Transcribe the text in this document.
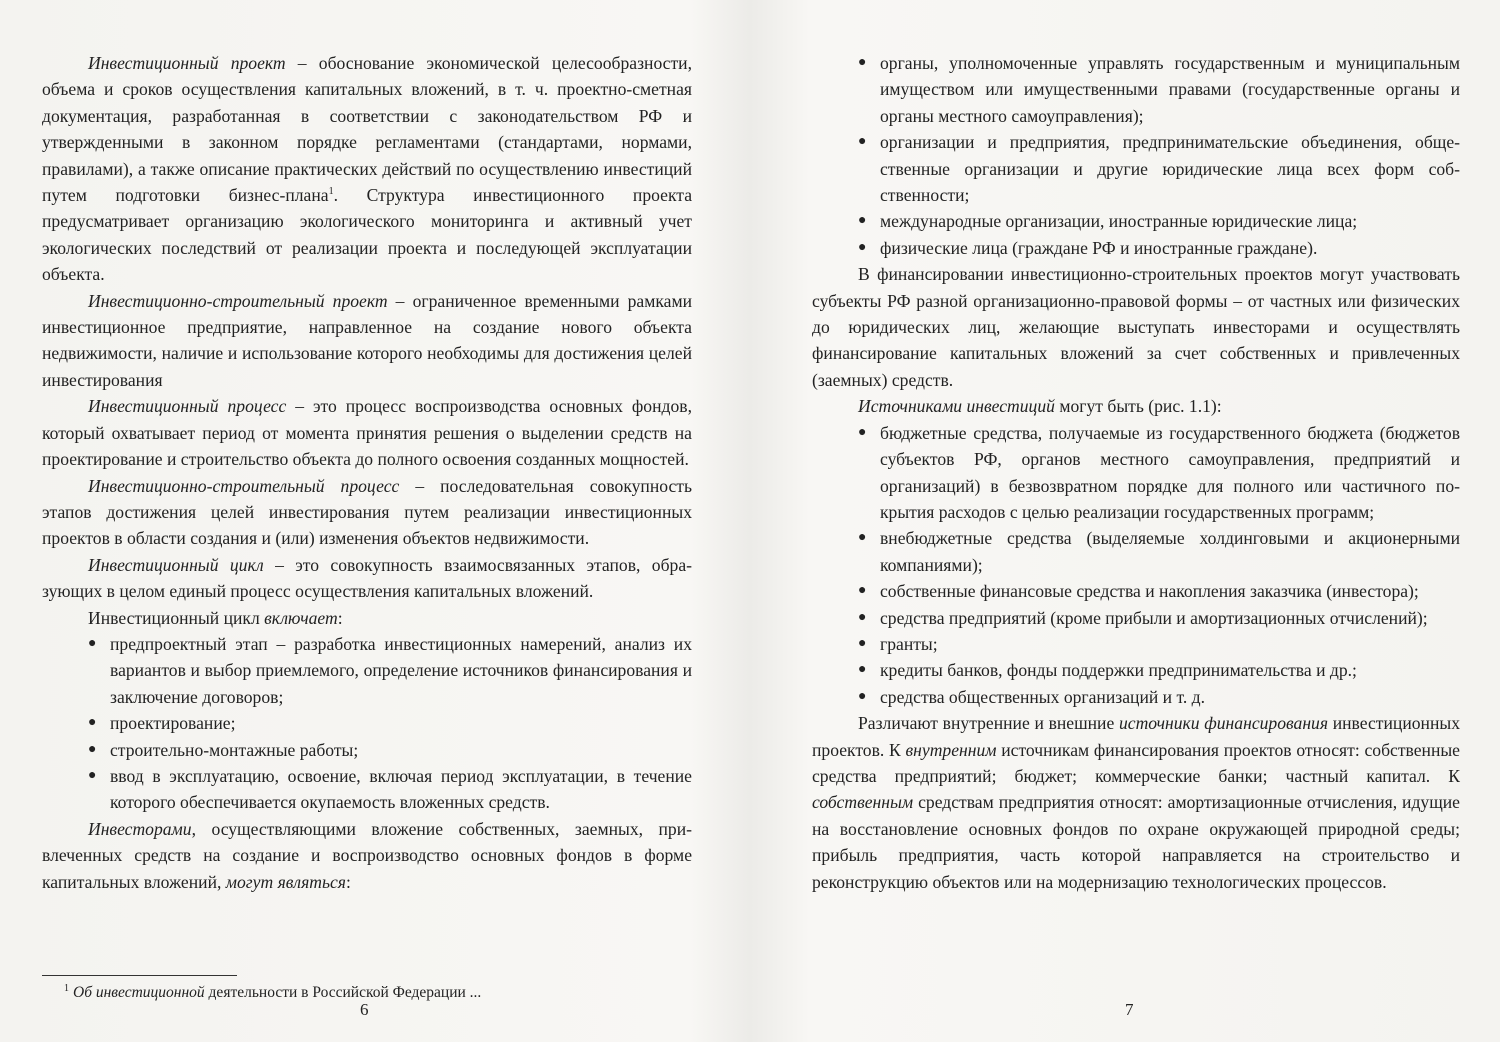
Инвестиционный проект – обоснование экономической целесообразности, объема и сроков осуществления капитальных вложений, в т. ч. проектно-сметная документация, разработанная в соответствии с законодательством РФ и утвержденными в законном порядке регламентами (стандартами, нормами, правилами), а также описание практических действий по осуществлению инвестиций путем подготовки бизнес-плана$^1$. Структура инвестиционного проекта предусматривает организацию экологического мониторинга и активный учет экологических последствий от реализации проекта и последующей эксплуатации объекта.

Инвестиционно-строительный проект – ограниченное временными рамками инвестиционное предприятие, направленное на создание нового объекта недвижимости, наличие и использование которого необходимы для достижения целей инвестирования

Инвестиционный процесс – это процесс воспроизводства основных фондов, который охватывает период от момента принятия решения о выделении средств на проектирование и строительство объекта до полного освоения созданных мощностей.

Инвестиционно-строительный процесс – последовательная совокупность этапов достижения целей инвестирования путем реализации инвестиционных проектов в области создания и (или) изменения объектов недвижимости.

Инвестиционный цикл – это совокупность взаимосвязанных этапов, образующих в целом единый процесс осуществления капитальных вложений.

Инвестиционный цикл включает:

● предпроектный этап – разработка инвестиционных намерений, анализ их вариантов и выбор приемлемого, определение источников финансирования и заключение договоров;
● проектирование;
● строительно-монтажные работы;
● ввод в эксплуатацию, освоение, включая период эксплуатации, в течение которого обеспечивается окупаемость вложенных средств.

Инвесторами, осуществляющими вложение собственных, заемных, привлеченных средств на создание и воспроизводство основных фондов в форме капитальных вложений, могут являться:

$^1$ Об инвестиционной деятельности в Российской Федерации ...
6
● органы, уполномоченные управлять государственным и муниципальным имуществом или имущественными правами (государственные органы и органы местного самоуправления);
● организации и предприятия, предпринимательские объединения, общественные организации и другие юридические лица всех форм собственности;
● международные организации, иностранные юридические лица;
● физические лица (граждане РФ и иностранные граждане).

В финансировании инвестиционно-строительных проектов могут участвовать субъекты РФ разной организационно-правовой формы – от частных или физических до юридических лиц, желающие выступать инвесторами и осуществлять финансирование капитальных вложений за счет собственных и привлеченных (заемных) средств.

Источниками инвестиций могут быть (рис. 1.1):

● бюджетные средства, получаемые из государственного бюджета (бюджетов субъектов РФ, органов местного самоуправления, предприятий и организаций) в безвозвратном порядке для полного или частичного покрытия расходов с целью реализации государственных программ;
● внебюджетные средства (выделяемые холдинговыми и акционерными компаниями);
● собственные финансовые средства и накопления заказчика (инвестора);
● средства предприятий (кроме прибыли и амортизационных отчислений);
● гранты;
● кредиты банков, фонды поддержки предпринимательства и др.;
● средства общественных организаций и т. д.

Различают внутренние и внешние источники финансирования инвестиционных проектов. К внутренним источникам финансирования проектов относят: собственные средства предприятий; бюджет; коммерческие банки; частный капитал. К собственным средствам предприятия относят: амортизационные отчисления, идущие на восстановление основных фондов по охране окружающей природной среды; прибыль предприятия, часть которой направляется на строительство и реконструкцию объектов или на модернизацию технологических процессов.

7
